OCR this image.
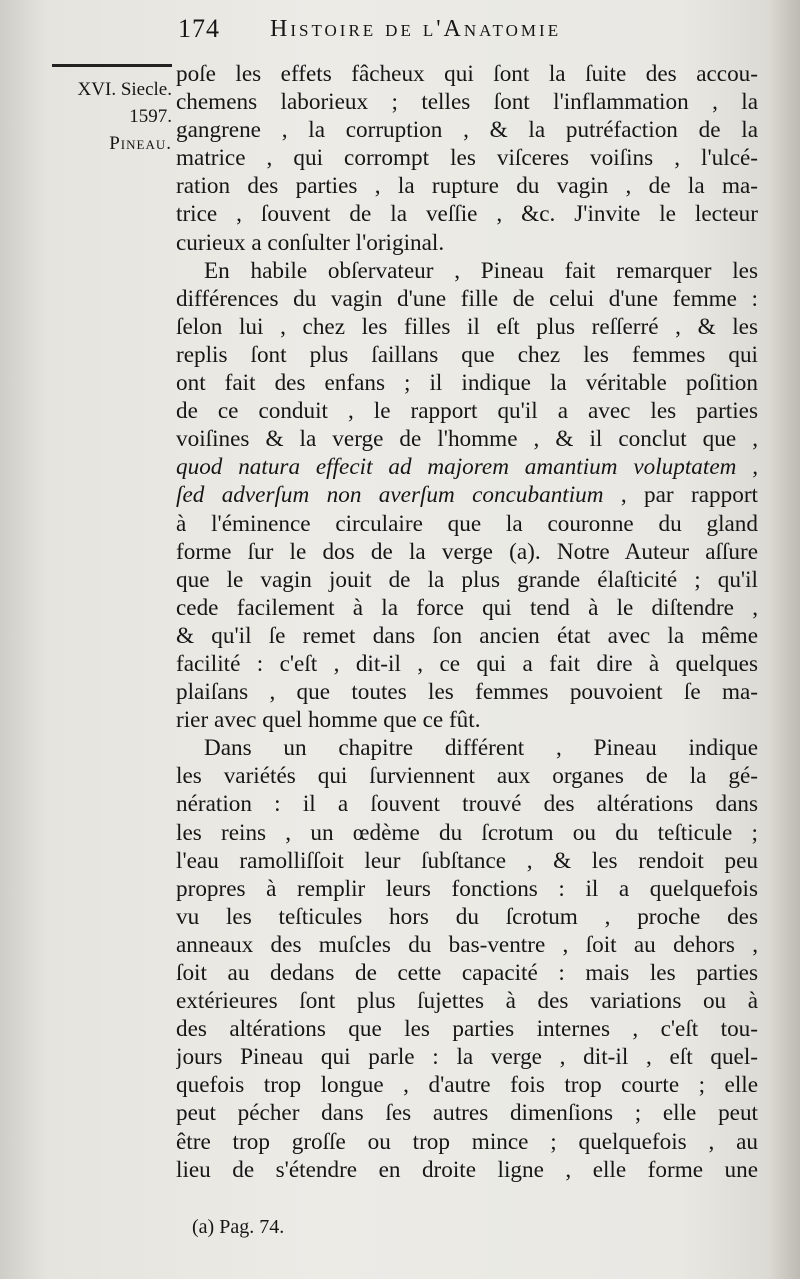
174 Histoire de l'Anatomie
XVI. Siecle.
1597.
Pineau.
poſe les effets fâcheux qui ſont la ſuite des accou-
chemens laborieux ; telles ſont l'inflammation , la
gangrene , la corruption , & la putréfaction de la
matrice , qui corrompt les viſceres voiſins , l'ulcé-
ration des parties , la rupture du vagin , de la ma-
trice , ſouvent de la veſſie , &c. J'invite le lecteur
curieux a conſulter l'original.
En habile obſervateur , Pineau fait remarquer les
différences du vagin d'une fille de celui d'une femme :
ſelon lui , chez les filles il eſt plus reſſerré , & les
replis ſont plus ſaillans que chez les femmes qui
ont fait des enfans ; il indique la véritable poſition
de ce conduit , le rapport qu'il a avec les parties
voiſines & la verge de l'homme , & il conclut que ,
quod natura effecit ad majorem amantium voluptatem ,
ſed adverſum non averſum concubantium , par rapport
à l'éminence circulaire que la couronne du gland
forme ſur le dos de la verge (a). Notre Auteur aſſure
que le vagin jouit de la plus grande élaſticité ; qu'il
cede facilement à la force qui tend à le diſtendre ,
& qu'il ſe remet dans ſon ancien état avec la même
facilité : c'eſt , dit-il , ce qui a fait dire à quelques
plaiſans , que toutes les femmes pouvoient ſe ma-
rier avec quel homme que ce fût.
Dans un chapitre différent , Pineau indique
les variétés qui ſurviennent aux organes de la gé-
nération : il a ſouvent trouvé des altérations dans
les reins , un œdème du ſcrotum ou du teſticule ;
l'eau ramolliſſoit leur ſubſtance , & les rendoit peu
propres à remplir leurs fonctions : il a quelquefois
vu les teſticules hors du ſcrotum , proche des
anneaux des muſcles du bas-ventre , ſoit au dehors ,
ſoit au dedans de cette capacité : mais les parties
extérieures ſont plus ſujettes à des variations ou à
des altérations que les parties internes , c'eſt tou-
jours Pineau qui parle : la verge , dit-il , eſt quel-
quefois trop longue , d'autre fois trop courte ; elle
peut pécher dans ſes autres dimenſions ; elle peut
être trop groſſe ou trop mince ; quelquefois , au
lieu de s'étendre en droite ligne , elle forme une
(a) Pag. 74.
